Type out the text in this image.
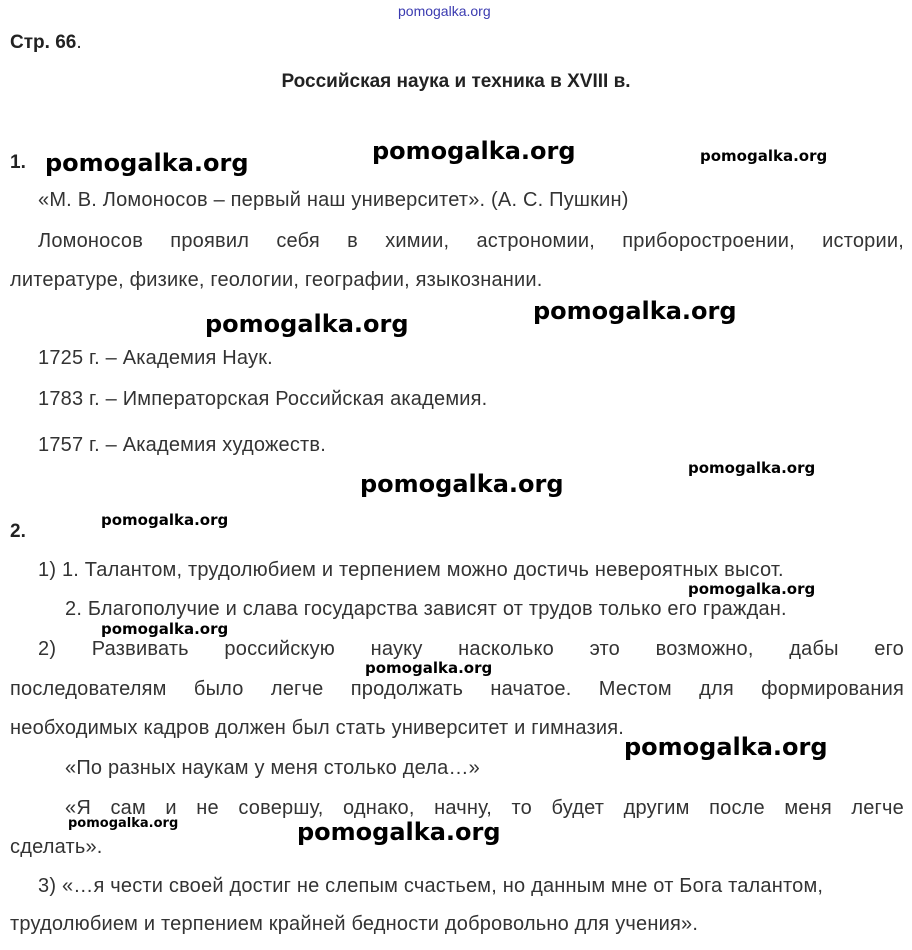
pomogalka.org
Стр. 66.
Российская наука и техника в XVIII в.
1.
«М. В. Ломоносов – первый наш университет». (А. С. Пушкин)
Ломоносов проявил себя в химии, астрономии, приборостроении, истории,
литературе, физике, геологии, географии, языкознании.
1725 г. – Академия Наук.
1783 г. – Императорская Российская академия.
1757 г. – Академия художеств.
2.
1) 1. Талантом, трудолюбием и терпением можно достичь невероятных высот.
2. Благополучие и слава государства зависят от трудов только его граждан.
2) Развивать российскую науку насколько это возможно, дабы его
последователям было легче продолжать начатое. Местом для формирования
необходимых кадров должен был стать университет и гимназия.
«По разных наукам у меня столько дела…»
«Я сам и не совершу, однако, начну, то будет другим после меня легче
сделать».
3) «…я чести своей достиг не слепым счастьем, но данным мне от Бога талантом,
трудолюбием и терпением крайней бедности добровольно для учения».
pomogalka.org	pomogalka.org	pomogalka.org
pomogalka.org	pomogalka.org
pomogalka.org
pomogalka.org
pomogalka.org
pomogalka.org
pomogalka.org
pomogalka.org
pomogalka.org
pomogalka.org	pomogalka.org
